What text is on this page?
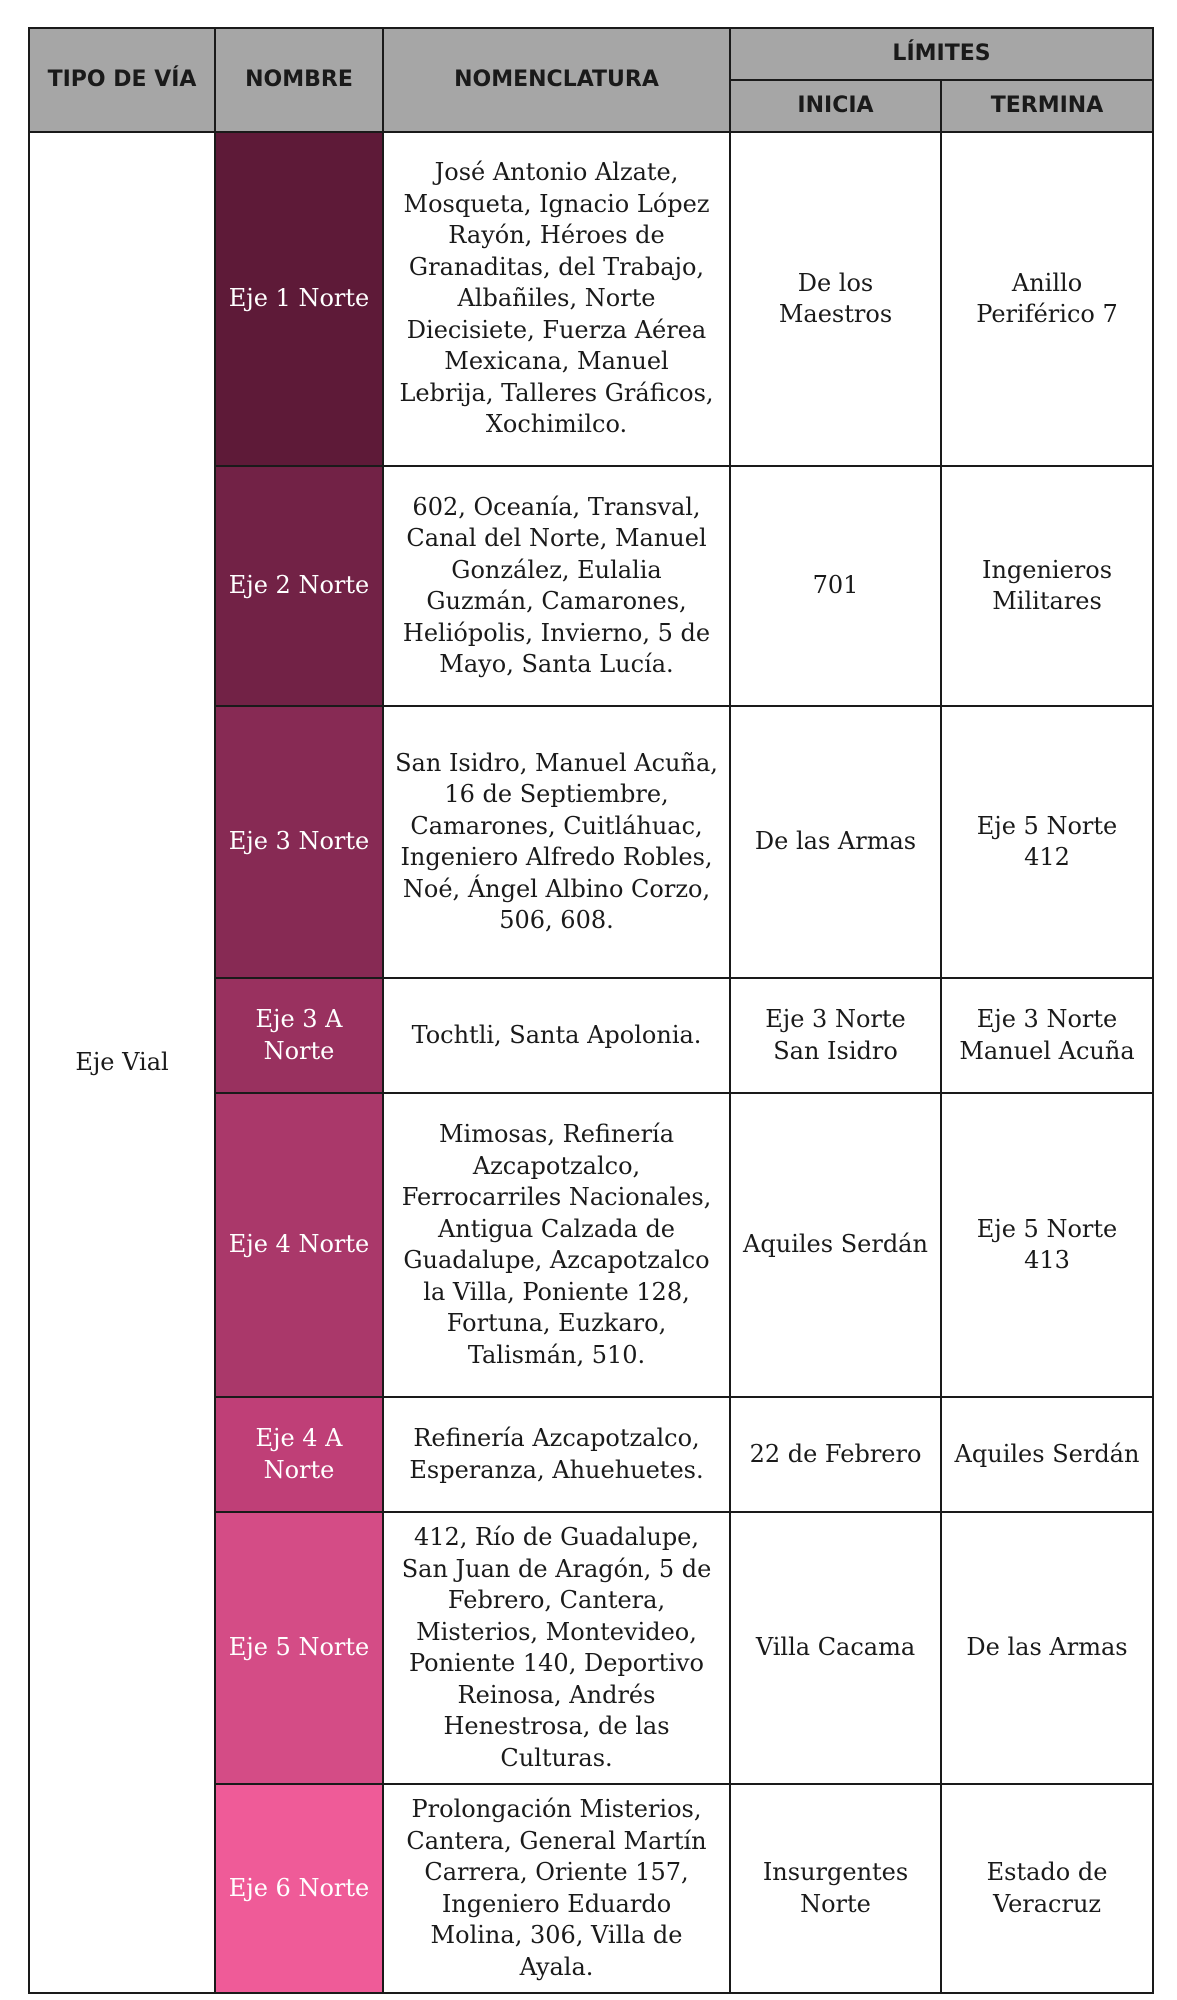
TIPO DE VÍA	NOMBRE	NOMENCLATURA	LÍMITES	
			INICIA	TERMINA
Eje Vial	Eje 1 Norte	José Antonio Alzate, Mosqueta, Ignacio López Rayón, Héroes de Granaditas, del Trabajo, Albañiles, Norte Diecisiete, Fuerza Aérea Mexicana, Manuel Lebrija, Talleres Gráficos, Xochimilco.	De los Maestros	Anillo Periférico 7
	Eje 2 Norte	602, Oceanía, Transval, Canal del Norte, Manuel González, Eulalia Guzmán, Camarones, Heliópolis, Invierno, 5 de Mayo, Santa Lucía.	701	Ingenieros Militares
	Eje 3 Norte	San Isidro, Manuel Acuña, 16 de Septiembre, Camarones, Cuitláhuac, Ingeniero Alfredo Robles, Noé, Ángel Albino Corzo, 506, 608.	De las Armas	Eje 5 Norte 412
	Eje 3 A Norte	Tochtli, Santa Apolonia.	Eje 3 Norte San Isidro	Eje 3 Norte Manuel Acuña
	Eje 4 Norte	Mimosas, Refinería Azcapotzalco, Ferrocarriles Nacionales, Antigua Calzada de Guadalupe, Azcapotzalco la Villa, Poniente 128, Fortuna, Euzkaro, Talismán, 510.	Aquiles Serdán	Eje 5 Norte 413
	Eje 4 A Norte	Refinería Azcapotzalco, Esperanza, Ahuehuetes.	22 de Febrero	Aquiles Serdán
	Eje 5 Norte	412, Río de Guadalupe, San Juan de Aragón, 5 de Febrero, Cantera, Misterios, Montevideo, Poniente 140, Deportivo Reinosa, Andrés Henestrosa, de las Culturas.	Villa Cacama	De las Armas
	Eje 6 Norte	Prolongación Misterios, Cantera, General Martín Carrera, Oriente 157, Ingeniero Eduardo Molina, 306, Villa de Ayala.	Insurgentes Norte	Estado de Veracruz
